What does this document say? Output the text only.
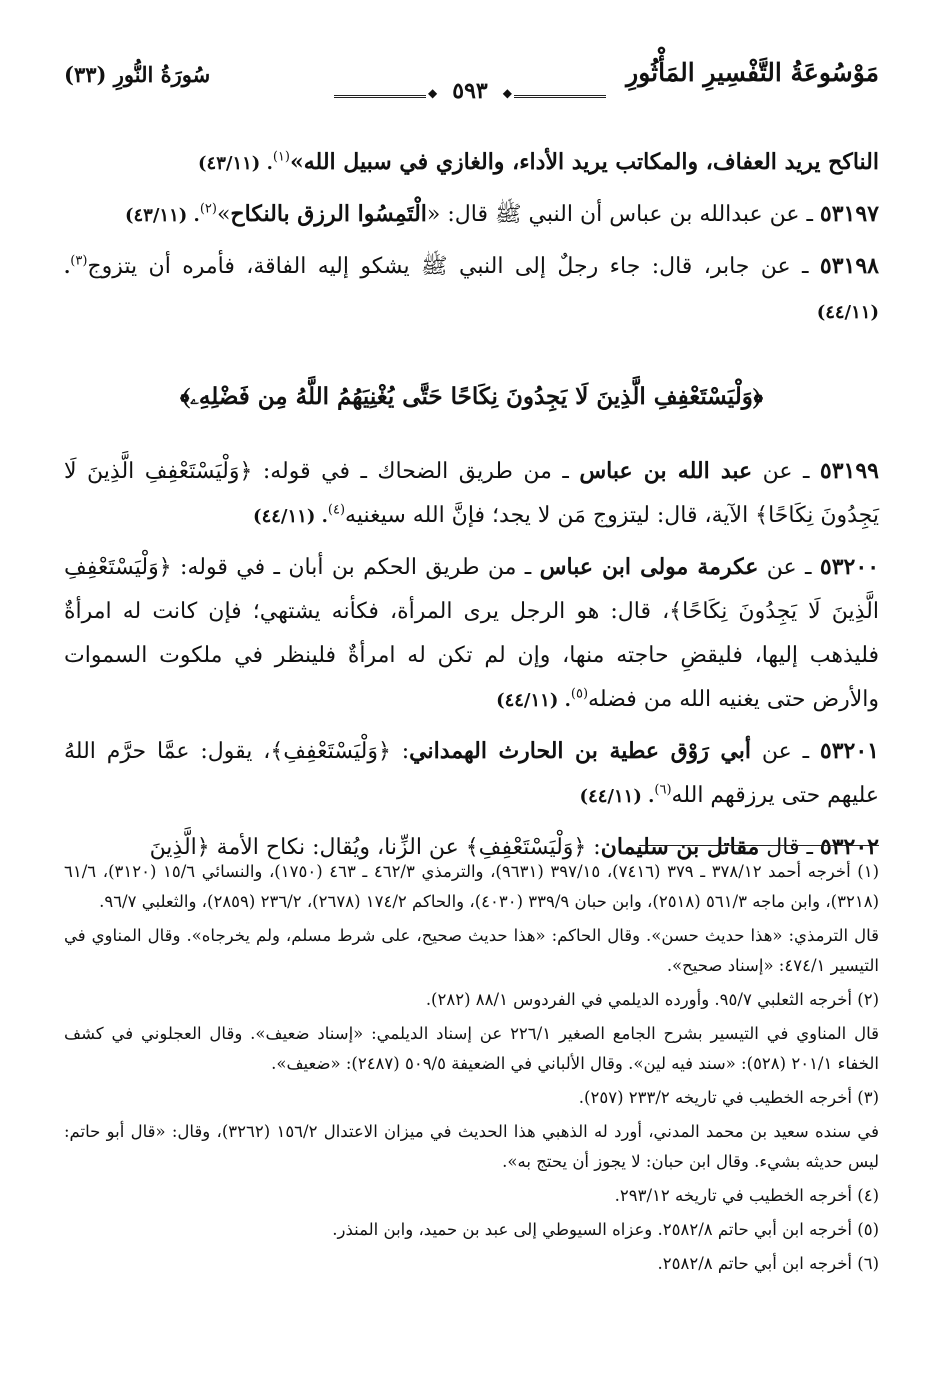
مَوْسُوعَةُ التَّفْسِيرِ المَأْثُورِ
◆
٥٩٣
◆
سُورَةُ النُّورِ (٣٣)

الناكح يريد العفاف، والمكاتب يريد الأداء، والغازي في سبيل الله»$^{(١)}$. (٤٣/١١)

٥٣١٩٧ ـ عن عبدالله بن عباس أن النبي ﷺ قال: «الْتَمِسُوا الرزق بالنكاح»$^{(٢)}$. (٤٣/١١)

٥٣١٩٨ ـ عن جابر، قال: جاء رجلٌ إلى النبي ﷺ يشكو إليه الفاقة، فأمره أن يتزوج$^{(٣)}$. (٤٤/١١)

﴿وَلْيَسْتَعْفِفِ الَّذِينَ لَا يَجِدُونَ نِكَاحًا حَتَّى يُغْنِيَهُمُ اللَّهُ مِن فَضْلِهِۦ﴾

٥٣١٩٩ ـ عن عبد الله بن عباس ـ من طريق الضحاك ـ في قوله: ﴿وَلْيَسْتَعْفِفِ الَّذِينَ لَا يَجِدُونَ نِكَاحًا﴾ الآية، قال: ليتزوج مَن لا يجد؛ فإنَّ الله سيغنيه$^{(٤)}$. (٤٤/١١)

٥٣٢٠٠ ـ عن عكرمة مولى ابن عباس ـ من طريق الحكم بن أبان ـ في قوله: ﴿وَلْيَسْتَعْفِفِ الَّذِينَ لَا يَجِدُونَ نِكَاحًا﴾، قال: هو الرجل يرى المرأة، فكأنه يشتهي؛ فإن كانت له امرأةٌ فليذهب إليها، فليقضِ حاجته منها، وإن لم تكن له امرأةٌ فلينظر في ملكوت السموات والأرض حتى يغنيه الله من فضله$^{(٥)}$. (٤٤/١١)

٥٣٢٠١ ـ عن أبي رَوْق عطية بن الحارث الهمداني: ﴿وَلْيَسْتَعْفِفِ﴾، يقول: عمَّا حرَّم اللهُ عليهم حتى يرزقهم الله$^{(٦)}$. (٤٤/١١)

٥٣٢٠٢ ـ قال مقاتل بن سليمان: ﴿وَلْيَسْتَعْفِفِ﴾ عن الزِّنا، ويُقال: نكاح الأمة ﴿الَّذِينَ

(١) أخرجه أحمد ٣٧٨/١٢ ـ ٣٧٩ (٧٤١٦)، ٣٩٧/١٥ (٩٦٣١)، والترمذي ٤٦٢/٣ ـ ٤٦٣ (١٧٥٠)، والنسائي ١٥/٦ (٣١٢٠)، ٦١/٦ (٣٢١٨)، وابن ماجه ٥٦١/٣ (٢٥١٨)، وابن حبان ٣٣٩/٩ (٤٠٣٠)، والحاكم ١٧٤/٢ (٢٦٧٨)، ٢٣٦/٢ (٢٨٥٩)، والثعلبي ٩٦/٧.

قال الترمذي: «هذا حديث حسن». وقال الحاكم: «هذا حديث صحيح، على شرط مسلم، ولم يخرجاه». وقال المناوي في التيسير ٤٧٤/١: «إسناد صحيح».

(٢) أخرجه الثعلبي ٩٥/٧. وأورده الديلمي في الفردوس ٨٨/١ (٢٨٢).

قال المناوي في التيسير بشرح الجامع الصغير ٢٢٦/١ عن إسناد الديلمي: «إسناد ضعيف». وقال العجلوني في كشف الخفاء ٢٠١/١ (٥٢٨): «سند فيه لين». وقال الألباني في الضعيفة ٥٠٩/٥ (٢٤٨٧): «ضعيف».

(٣) أخرجه الخطيب في تاريخه ٢٣٣/٢ (٢٥٧).

في سنده سعيد بن محمد المدني، أورد له الذهبي هذا الحديث في ميزان الاعتدال ١٥٦/٢ (٣٢٦٢)، وقال: «قال أبو حاتم: ليس حديثه بشيء. وقال ابن حبان: لا يجوز أن يحتج به».

(٤) أخرجه الخطيب في تاريخه ٢٩٣/١٢.

(٥) أخرجه ابن أبي حاتم ٢٥٨٢/٨. وعزاه السيوطي إلى عبد بن حميد، وابن المنذر.

(٦) أخرجه ابن أبي حاتم ٢٥٨٢/٨.
